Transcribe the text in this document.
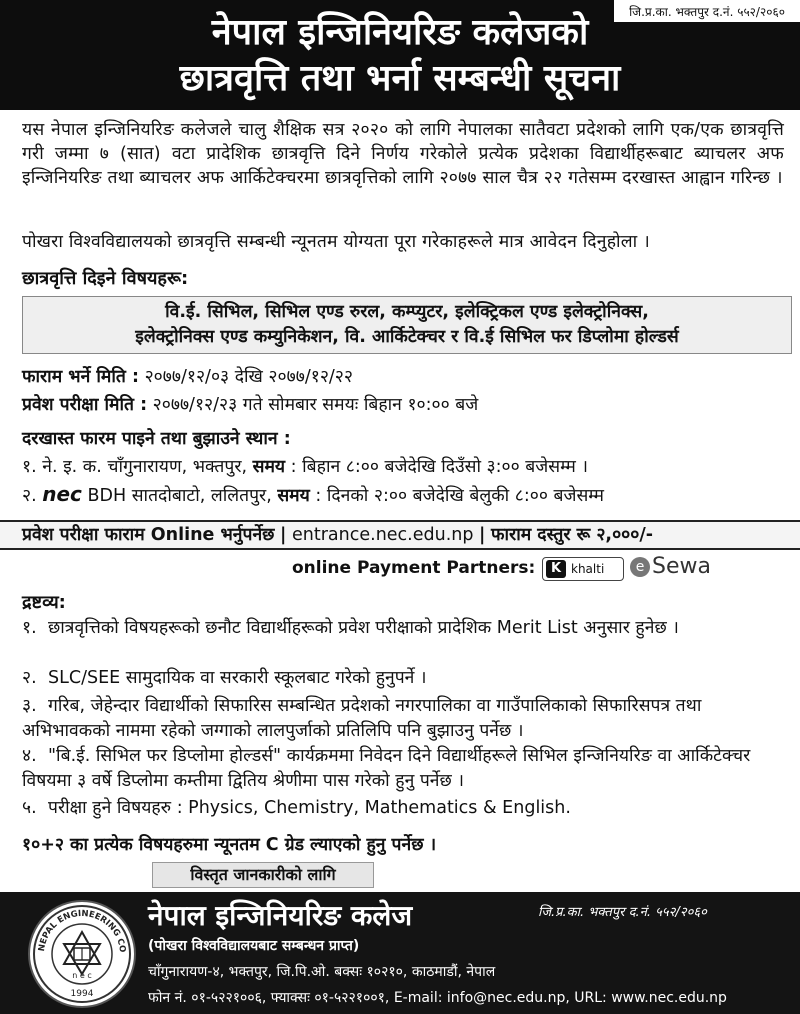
जि.प्र.का. भक्तपुर द.नं. ५५२/२०६०
नेपाल इन्जिनियरिङ कलेजको
छात्रवृत्ति तथा भर्ना सम्बन्धी सूचना
यस नेपाल इन्जिनियरिङ कलेजले चालु शैक्षिक सत्र २०२० को लागि नेपालका सातैवटा प्रदेशको लागि एक/एक छात्रवृत्ति गरी जम्मा ७ (सात) वटा प्रादेशिक छात्रवृत्ति दिने निर्णय गरेकोले प्रत्येक प्रदेशका विद्यार्थीहरूबाट ब्याचलर अफ इन्जिनियरिङ तथा ब्याचलर अफ आर्किटेक्चरमा छात्रवृत्तिको लागि २०७७ साल चैत्र २२ गतेसम्म दरखास्त आह्वान गरिन्छ ।
पोखरा विश्वविद्यालयको छात्रवृत्ति सम्बन्धी न्यूनतम योग्यता पूरा गरेकाहरूले मात्र आवेदन दिनुहोला ।
छात्रवृत्ति दिइने विषयहरू:
वि.ई. सिभिल, सिभिल एण्ड रुरल, कम्प्युटर, इलेक्ट्रिकल एण्ड इलेक्ट्रोनिक्स,
इलेक्ट्रोनिक्स एण्ड कम्युनिकेशन, वि. आर्किटेक्चर र वि.ई सिभिल फर डिप्लोमा होल्डर्स
फाराम भर्ने मिति : २०७७/१२/०३ देखि २०७७/१२/२२
प्रवेश परीक्षा मिति : २०७७/१२/२३ गते सोमबार समयः बिहान १०:०० बजे
दरखास्त फारम पाइने तथा बुझाउने स्थान :
१. ने. इ. क. चाँगुनारायण, भक्तपुर, समय : बिहान ८:०० बजेदेखि दिउँसो ३:०० बजेसम्म ।
२. nec BDH सातदोबाटो, ललितपुर, समय : दिनको २:०० बजेदेखि बेलुकी ८:०० बजेसम्म
प्रवेश परीक्षा फाराम Online भर्नुपर्नेछ | entrance.nec.edu.np | फाराम दस्तुर रू २,०००/-
online Payment Partners:	K khalti	e Sewa
द्रष्टव्य:
१. छात्रवृत्तिको विषयहरूको छनौट विद्यार्थीहरूको प्रवेश परीक्षाको प्रादेशिक Merit List अनुसार हुनेछ ।
२. SLC/SEE सामुदायिक वा सरकारी स्कूलबाट गरेको हुनुपर्ने ।
३. गरिब, जेहेन्दार विद्यार्थीको सिफारिस सम्बन्धित प्रदेशको नगरपालिका वा गाउँपालिकाको सिफारिसपत्र तथा अभिभावकको नाममा रहेको जग्गाको लालपुर्जाको प्रतिलिपि पनि बुझाउनु पर्नेछ ।
४. "बि.ई. सिभिल फर डिप्लोमा होल्डर्स" कार्यक्रममा निवेदन दिने विद्यार्थीहरूले सिभिल इन्जिनियरिङ वा आर्किटेक्चर विषयमा ३ वर्षे डिप्लोमा कम्तीमा द्वितिय श्रेणीमा पास गरेको हुनु पर्नेछ ।
५. परीक्षा हुने विषयहरु : Physics, Chemistry, Mathematics & English.
१०+२ का प्रत्येक विषयहरुमा न्यूनतम C ग्रेड ल्याएको हुनु पर्नेछ ।
विस्तृत जानकारीको लागि
NEPAL ENGINEERING CO
n e c
1994
नेपाल इन्जिनियरिङ कलेज	जि.प्र.का. भक्तपुर द.नं. ५५२/२०६०
(पोखरा विश्वविद्यालयबाट सम्बन्धन प्राप्त)
चाँगुनारायण-४, भक्तपुर, जि.पि.ओ. बक्सः १०२१०, काठमाडौं, नेपाल
फोन नं. ०१-५२२१००६, फ्याक्सः ०१-५२२१००१, E-mail: info@nec.edu.np, URL: www.nec.edu.np
